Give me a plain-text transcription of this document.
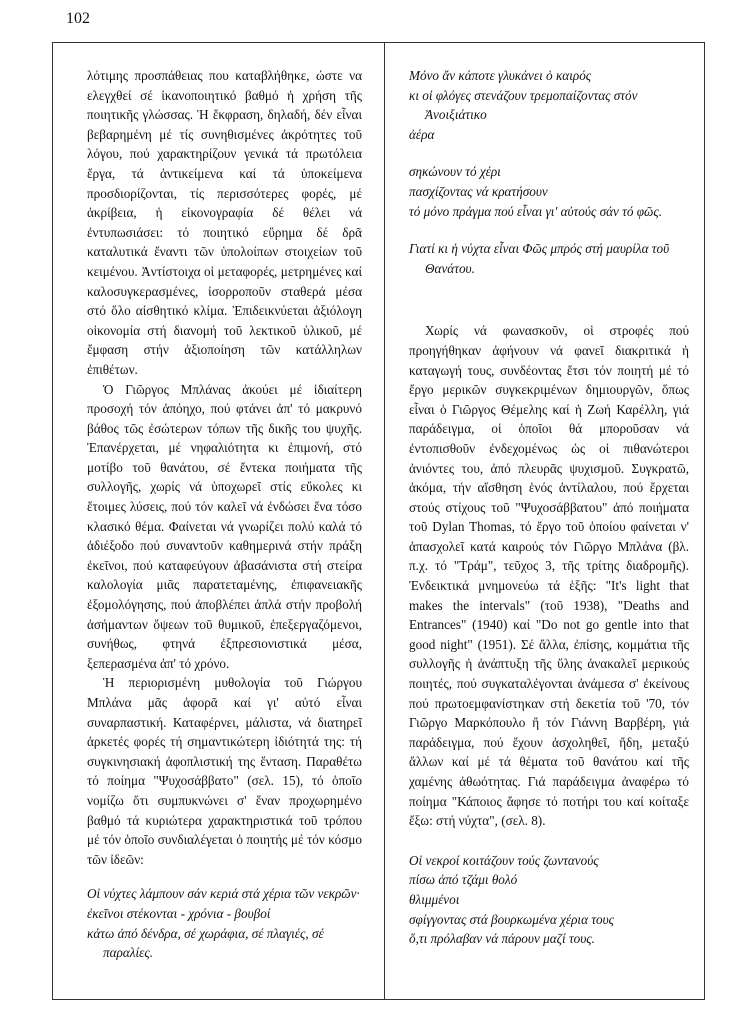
102

λότιμης προσπάθειας που καταβλήθηκε, ώστε να ελεγχθεί σέ ἱκανοποιητικό βαθμό ἡ χρήση τῆς ποιητικῆς γλώσσας. Ἡ ἔκφραση, δηλαδή, δέν εἶναι βεβαρημένη μέ τίς συνηθισμένες ἀκρότητες τοῦ λόγου, πού χαρακτηρίζουν γενικά τά πρωτόλεια ἔργα, τά ἀντικείμενα καί τά ὑποκείμενα προσδιορίζονται, τίς περισσότερες φορές, μέ ἀκρίβεια, ἡ εἰκονογραφία δέ θέλει νά ἐντυπωσιάσει: τό ποιητικό εὕρημα δέ δρᾶ καταλυτικά ἔναντι τῶν ὑπολοίπων στοιχείων τοῦ κειμένου. Ἀντίστοιχα οἱ μεταφορές, μετρημένες καί καλοσυγκερασμένες, ἰσορροποῦν σταθερά μέσα στό ὅλο αἰσθητικό κλίμα. Ἐπιδεικνύεται ἀξιόλογη οἰκονομία στή διανομή τοῦ λεκτικοῦ ὑλικοῦ, μέ ἔμφαση στήν ἀξιοποίηση τῶν κατάλληλων ἐπιθέτων.

Ὁ Γιῶργος Μπλάνας ἀκούει μέ ἰδιαίτερη προσοχή τόν ἀπόηχο, πού φτάνει ἀπ' τό μακρυνό βάθος τῶς ἐσώτερων τόπων τῆς δικῆς του ψυχῆς. Ἐπανέρχεται, μέ νηφαλιότητα κι ἐπιμονή, στό μοτίβο τοῦ θανάτου, σέ ἔντεκα ποιήματα τῆς συλλογῆς, χωρίς νά ὑποχωρεῖ στίς εὔκολες κι ἕτοιμες λύσεις, πού τόν καλεῖ νά ἐνδώσει ἕνα τόσο κλασικό θέμα. Φαίνεται νά γνωρίζει πολύ καλά τό ἀδιέξοδο πού συναντοῦν καθημερινά στήν πράξη ἐκεῖνοι, πού καταφεύγουν ἀβασάνιστα στή στείρα καλολογία μιᾶς παρατεταμένης, ἐπιφανειακῆς ἐξομολόγησης, πού ἀποβλέπει ἁπλά στήν προβολή ἀσήμαντων ὄψεων τοῦ θυμικοῦ, ἐπεξεργαζόμενοι, συνήθως, φτηνά ἐξπρεσιονιστικά μέσα, ξεπερασμένα ἀπ' τό χρόνο.

Ἡ περιορισμένη μυθολογία τοῦ Γιώργου Μπλάνα μᾶς ἀφορᾶ καί γι' αὐτό εἶναι συναρπαστική. Καταφέρνει, μάλιστα, νά διατηρεῖ ἀρκετές φορές τή σημαντικώτερη ἰδιότητά της: τή συγκινησιακή ἀφοπλιστική της ἔνταση. Παραθέτω τό ποίημα "Ψυχοσάββατο" (σελ. 15), τό ὁποῖο νομίζω ὅτι συμπυκνώνει σ' ἕναν προχωρημένο βαθμό τά κυριώτερα χαρακτηριστικά τοῦ τρόπου μέ τόν ὁποῖο συνδιαλέγεται ὁ ποιητής μέ τόν κόσμο τῶν ἰδεῶν:

Οἱ νύχτες λάμπουν σάν κεριά στά χέρια τῶν νεκρῶν·
ἐκεῖνοι στέκονται - χρόνια - βουβοί
κάτω ἀπό δένδρα, σέ χωράφια, σέ πλαγιές, σέ παραλίες.
Μόνο ἄν κάποτε γλυκάνει ὁ καιρός
κι οἱ φλόγες στενάζουν τρεμοπαίζοντας στόν Ἀνοιξιάτικο
ἀέρα
σηκώνουν τό χέρι
πασχίζοντας νά κρατήσουν
τό μόνο πράγμα πού εἶναι γι' αὐτούς σάν τό φῶς.
Γιατί κι ἡ νύχτα εἶναι Φῶς μπρός στή μαυρίλα τοῦ Θανάτου.

Χωρίς νά φωνασκοῦν, οἱ στροφές πού προηγήθηκαν ἀφήνουν νά φανεῖ διακριτικά ἡ καταγωγή τους, συνδέοντας ἔτσι τόν ποιητή μέ τό ἔργο μερικῶν συγκεκριμένων δημιουργῶν, ὅπως εἶναι ὁ Γιῶργος Θέμελης καί ἡ Ζωή Καρέλλη, γιά παράδειγμα, οἱ ὁποῖοι θά μποροῦσαν νά ἐντοπισθοῦν ἐνδεχομένως ὡς οἱ πιθανώτεροι ἀνιόντες του, ἀπό πλευρᾶς ψυχισμοῦ. Συγκρατῶ, ἀκόμα, τήν αἴσθηση ἑνός ἀντίλαλου, πού ἔρχεται στούς στίχους τοῦ "Ψυχοσάββατου" ἀπό ποιήματα τοῦ Dylan Thomas, τό ἔργο τοῦ ὁποίου φαίνεται ν' ἀπασχολεῖ κατά καιρούς τόν Γιῶργο Μπλάνα (βλ. π.χ. τό "Τράμ", τεῦχος 3, τῆς τρίτης διαδρομῆς). Ἐνδεικτικά μνημονεύω τά ἑξῆς: "It's light that makes the intervals" (τοῦ 1938), "Deaths and Entrances" (1940) καί "Do not go gentle into that good night" (1951). Σέ ἄλλα, ἐπίσης, κομμάτια τῆς συλλογῆς ἡ ἀνάπτυξη τῆς ὕλης ἀνακαλεῖ μερικούς ποιητές, πού συγκαταλέγονται ἀνάμεσα σ' ἐκείνους πού πρωτοεμφανίστηκαν στή δεκετία τοῦ '70, τόν Γιῶργο Μαρκόπουλο ἤ τόν Γιάννη Βαρβέρη, γιά παράδειγμα, πού ἔχουν ἀσχοληθεῖ, ἤδη, μεταξύ ἄλλων καί μέ τά θέματα τοῦ θανάτου καί τῆς χαμένης ἀθωότητας. Γιά παράδειγμα ἀναφέρω τό ποίημα "Κάποιος ἄφησε τό ποτήρι του καί κοίταξε ἔξω: στή νύχτα", (σελ. 8).

Οἱ νεκροί κοιτάζουν τούς ζωντανούς
πίσω ἀπό τζάμι θολό
θλιμμένοι
σφίγγοντας στά βουρκωμένα χέρια τους
ὅ,τι πρόλαβαν νά πάρουν μαζί τους.
